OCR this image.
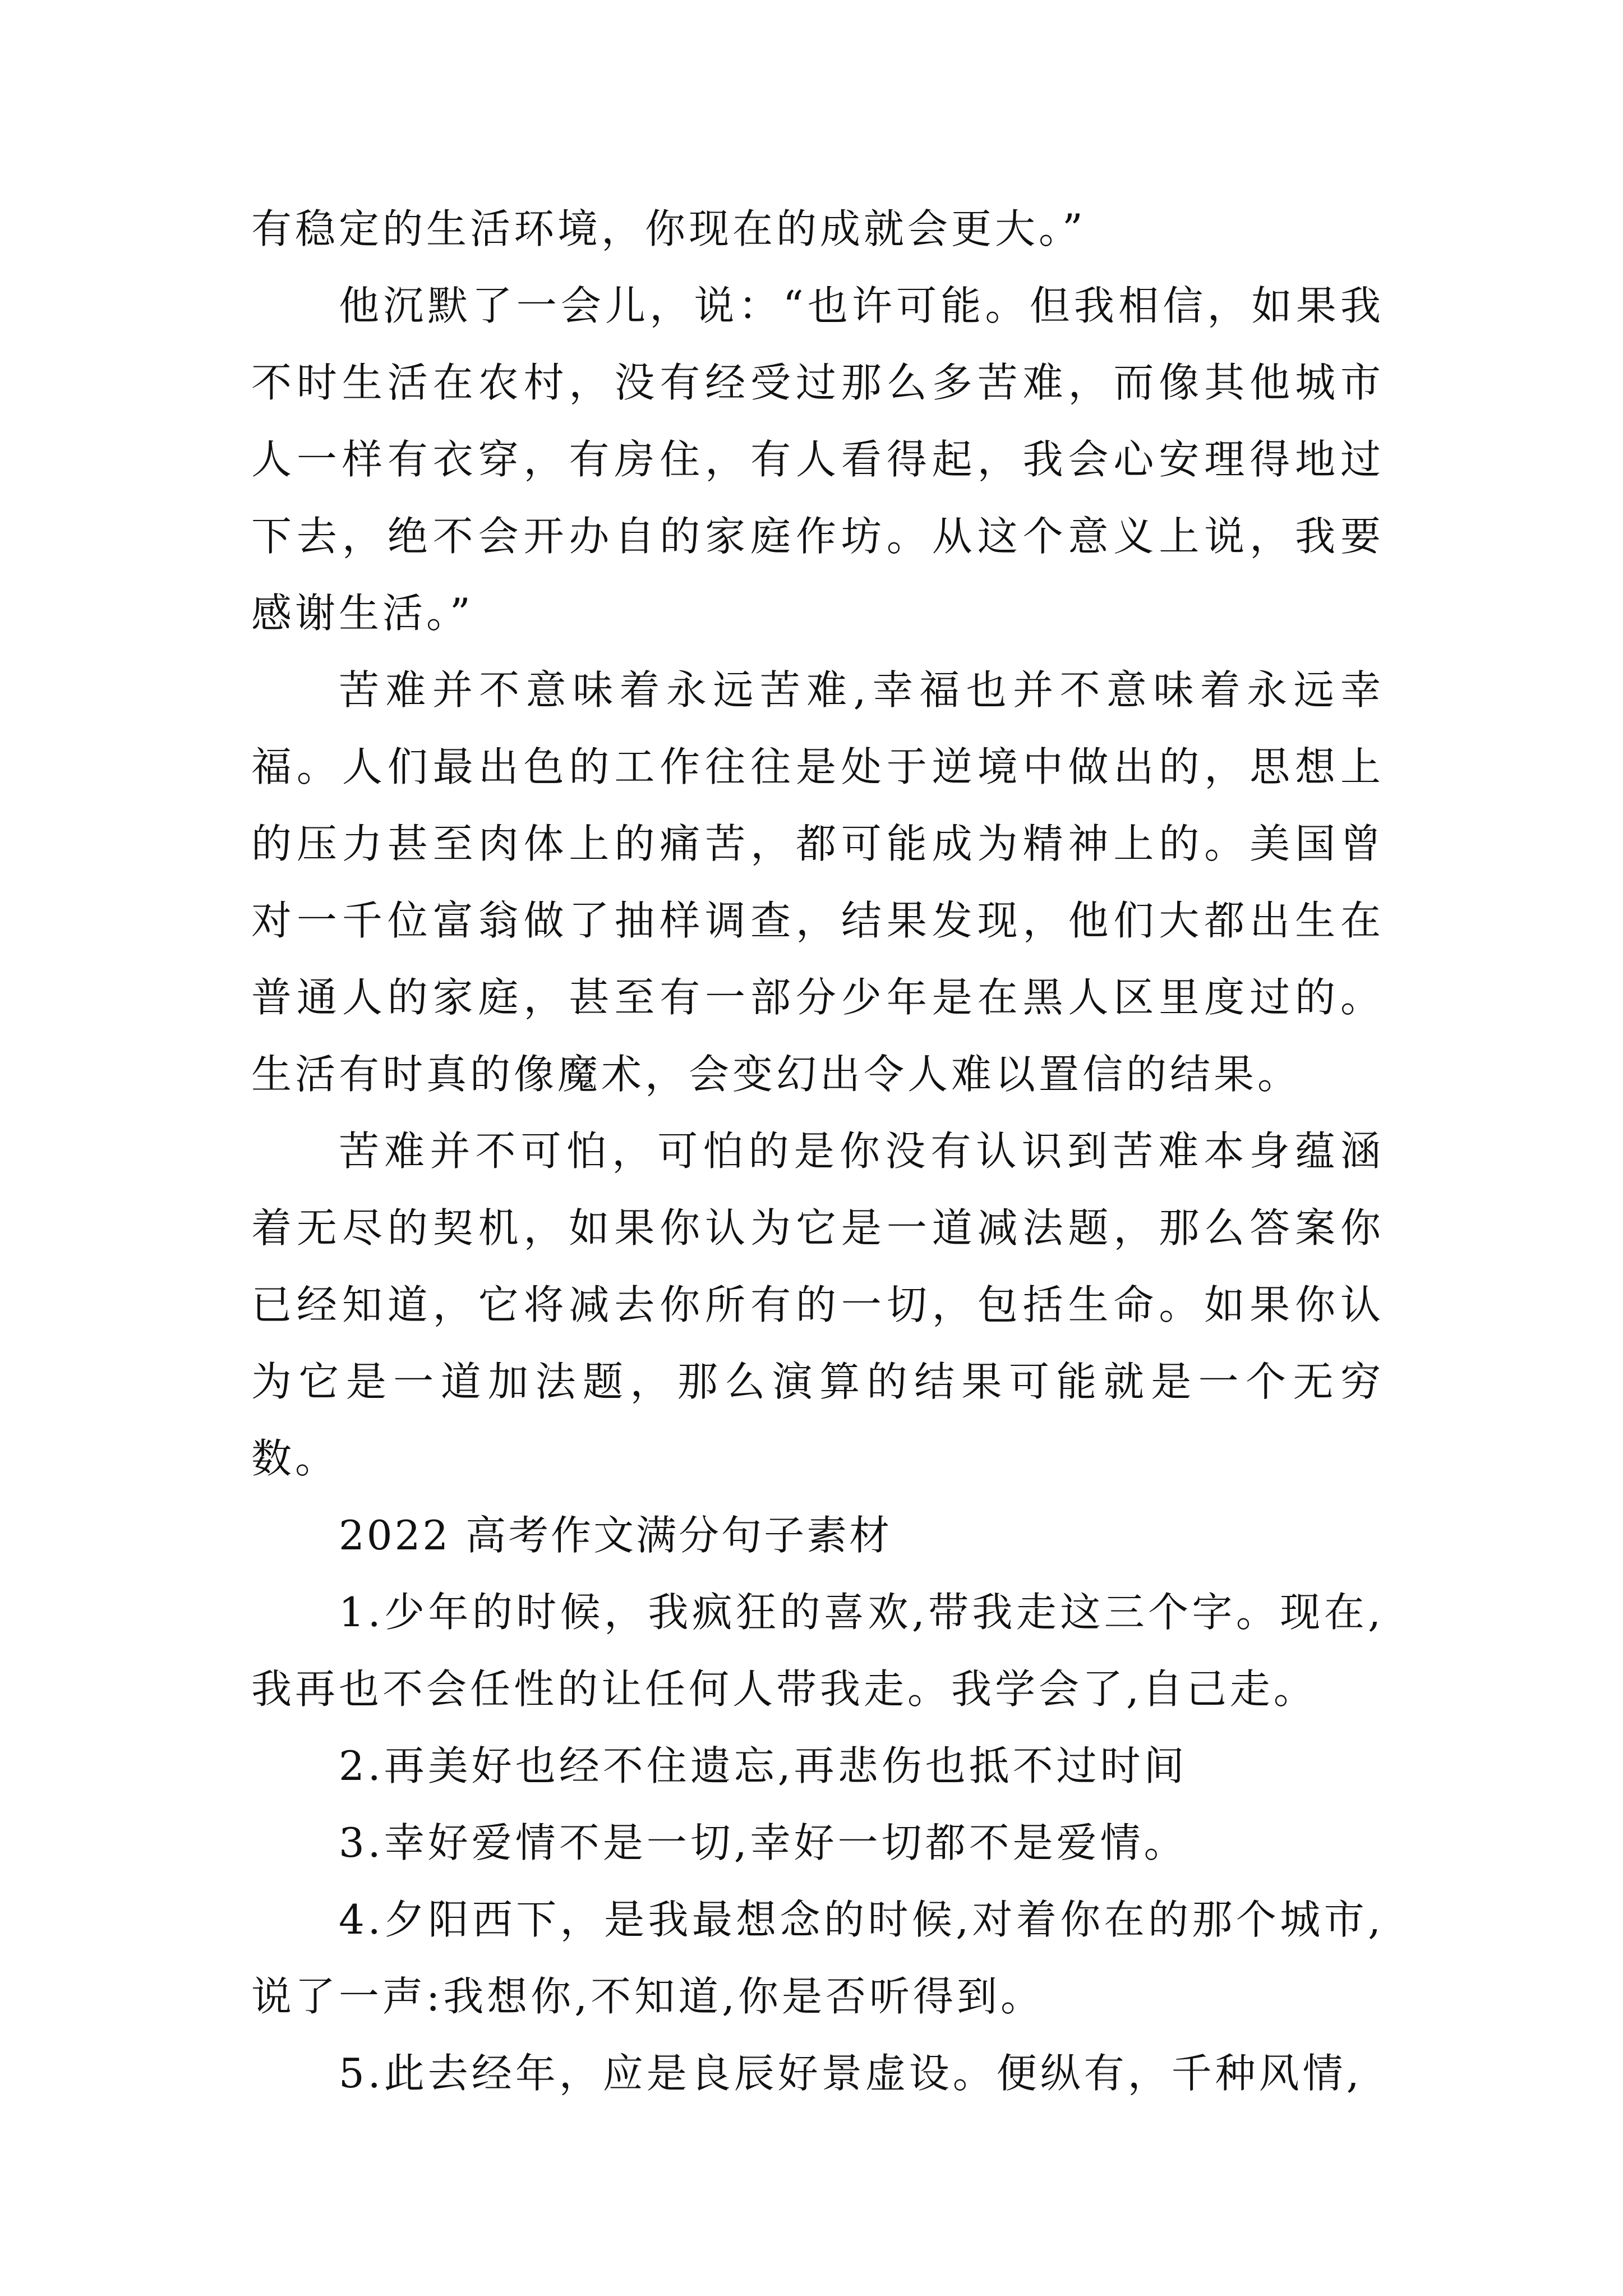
有稳定的生活环境，你现在的成就会更大。”

他沉默了一会儿，说：“也许可能。但我相信，如果我不时生活在农村，没有经受过那么多苦难，而像其他城市人一样有衣穿，有房住，有人看得起，我会心安理得地过下去，绝不会开办自的家庭作坊。从这个意义上说，我要感谢生活。”

苦难并不意味着永远苦难,幸福也并不意味着永远幸福。人们最出色的工作往往是处于逆境中做出的，思想上的压力甚至肉体上的痛苦，都可能成为精神上的。美国曾对一千位富翁做了抽样调查，结果发现，他们大都出生在普通人的家庭，甚至有一部分少年是在黑人区里度过的。生活有时真的像魔术，会变幻出令人难以置信的结果。

苦难并不可怕，可怕的是你没有认识到苦难本身蕴涵着无尽的契机，如果你认为它是一道减法题，那么答案你已经知道，它将减去你所有的一切，包括生命。如果你认为它是一道加法题，那么演算的结果可能就是一个无穷数。

2022 高考作文满分句子素材

1.少年的时候，我疯狂的喜欢,带我走这三个字。现在,我再也不会任性的让任何人带我走。我学会了,自己走。

2.再美好也经不住遗忘,再悲伤也抵不过时间

3.幸好爱情不是一切,幸好一切都不是爱情。

4.夕阳西下，是我最想念的时候,对着你在的那个城市,说了一声:我想你,不知道,你是否听得到。

5.此去经年，应是良辰好景虚设。便纵有，千种风情,
